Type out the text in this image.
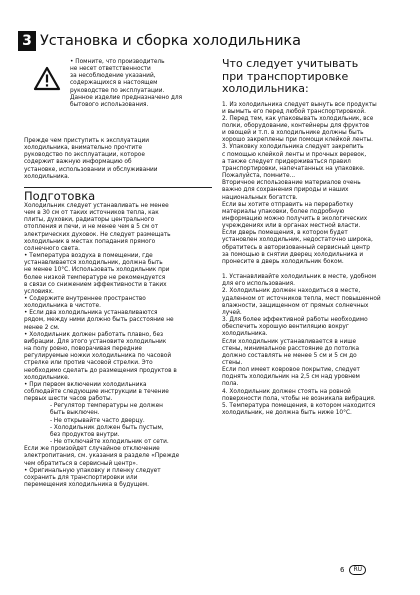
3 Установка и сборка холодильника

• Помните, что производитель

не несет ответственности

за несоблюдение указаний,

содержащихся в настоящем

руководстве по эксплуатации.

Данное изделие предназначено для

бытового использования.

Прежде чем приступить к эксплуатации

холодильника, внимательно прочтите

руководство по эксплуатации, которое

содержит важную информацию об

установке, использовании и обслуживании

холодильника.

Подготовка

Холодильник следует устанавливать не менее

чем в 30 см от таких источников тепла, как

плиты, духовки, радиаторы центрального

отопления и печи, и не менее чем в 5 см от

электрических духовок. Не следует размещать

холодильник в местах попадания прямого

солнечного света.

• Температура воздуха в помещении, где

устанавливается холодильник, должна быть

не менее 10°C. Использовать холодильник при

более низкой температуре не рекомендуется

в связи со снижением эффективности в таких

условиях.

• Содержите внутреннее пространство

холодильника в чистоте.

• Если два холодильника устанавливаются

рядом, между ними должно быть расстояние не

менее 2 см.

• Холодильник должен работать плавно, без

вибрации. Для этого установите холодильник

на полу ровно, поворачивая передние

регулируемые ножки холодильника по часовой

стрелке или против часовой стрелки. Это

необходимо сделать до размещения продуктов в

холодильнике.

• При первом включении холодильника

соблюдайте следующие инструкции в течение

первых шести часов работы.

- Регулятор температуры не должен

быть выключен.

- Не открывайте часто дверцу.

- Холодильник должен быть пустым,

без продуктов внутри.

- Не отключайте холодильник от сети.

Если же произойдет случайное отключение

электропитания, см. указания в разделе «Прежде

чем обратиться в сервисный центр».

• Оригинальную упаковку и пленку следует

сохранить для транспортировки или

перемещения холодильника в будущем.

Что следует учитывать
при транспортировке
холодильника:

1. Из холодильника следует вынуть все продукты

и вымыть его перед любой транспортировкой.

2. Перед тем, как упаковывать холодильник, все

полки, оборудование, контейнеры для фруктов

и овощей и т.п. в холодильнике должны быть

хорошо закреплены при помощи клейкой ленты.

3. Упаковку холодильника следует закрепить

с помощью клейкой ленты и прочных веревок,

а также следует придерживаться правил

транспортировки, напечатанных на упаковке.

Пожалуйста, помните...

Вторичное использование материалов очень

важно для сохранения природы и наших

национальных богатств.

Если вы хотите отправить на переработку

материалы упаковки, более подробную

информацию можно получить в экологических

учреждениях или в органах местной власти.

Если дверь помещения, в котором будет

установлен холодильник, недостаточно широка,

обратитесь в авторизованный сервисный центр

за помощью в снятии дверец холодильника и

пронесите в дверь холодильник боком.

1. Устанавливайте холодильник в месте, удобном

для его использования.

2. Холодильник должен находиться в месте,

удаленном от источников тепла, мест повышенной

влажности, защищенном от прямых солнечных

лучей.

3. Для более эффективной работы необходимо

обеспечить хорошую вентиляцию вокруг

холодильника.

Если холодильник устанавливается в нише

стены, минимальное расстояние до потолка

должно составлять не менее 5 см и 5 см до

стены.

Если пол имеет ковровое покрытие, следует

поднять холодильник на 2,5 см над уровнем

пола.

4. Холодильник должен стоять на ровной

поверхности пола, чтобы не возникала вибрация.

5. Температура помещения, в котором находится

холодильник, не должна быть ниже 10°C.

6	RU
